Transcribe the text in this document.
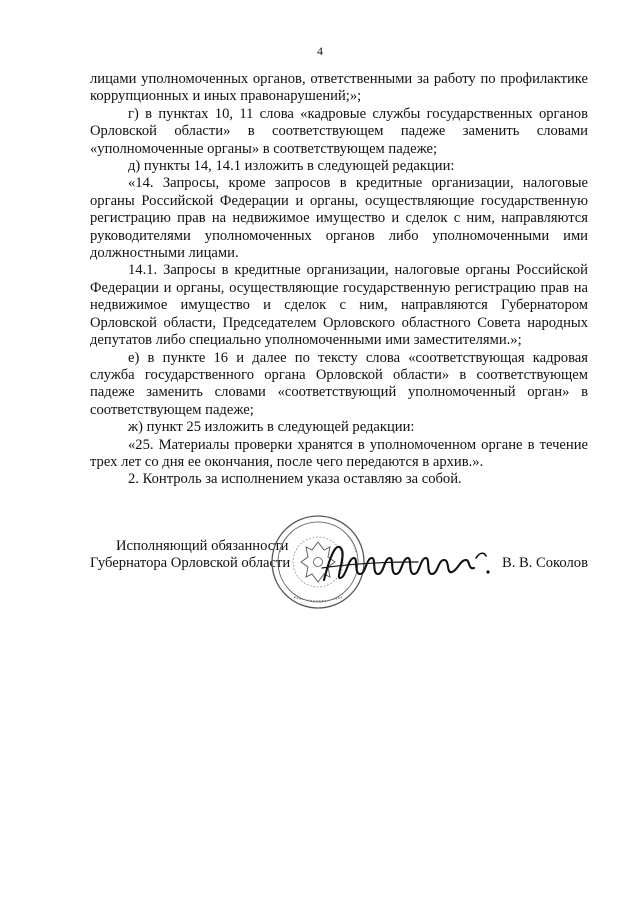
4

лицами уполномоченных органов, ответственными за работу по профилактике коррупционных и иных правонарушений;»;

г) в пунктах 10, 11 слова «кадровые службы государственных органов Орловской области» в соответствующем падеже заменить словами «уполномоченные органы» в соответствующем падеже;

д) пункты 14, 14.1 изложить в следующей редакции:

«14. Запросы, кроме запросов в кредитные организации, налоговые органы Российской Федерации и органы, осуществляющие государственную регистрацию прав на недвижимое имущество и сделок с ним, направляются руководителями уполномоченных органов либо уполномоченными ими должностными лицами.

14.1. Запросы в кредитные организации, налоговые органы Российской Федерации и органы, осуществляющие государственную регистрацию прав на недвижимое имущество и сделок с ним, направляются Губернатором Орловской области, Председателем Орловского областного Совета народных депутатов либо специально уполномоченными ими заместителями.»;

е) в пункте 16 и далее по тексту слова «соответствующая кадровая служба государственного органа Орловской области» в соответствующем падеже заменить словами «соответствующий уполномоченный орган» в соответствующем падеже;

ж) пункт 25 изложить в следующей редакции:

«25. Материалы проверки хранятся в уполномоченном органе в течение трех лет со дня ее окончания, после чего передаются в архив.».

2. Контроль за исполнением указа оставляю за собой.

Исполняющий обязанности
Губернатора Орловской области	В. В. Соколов
